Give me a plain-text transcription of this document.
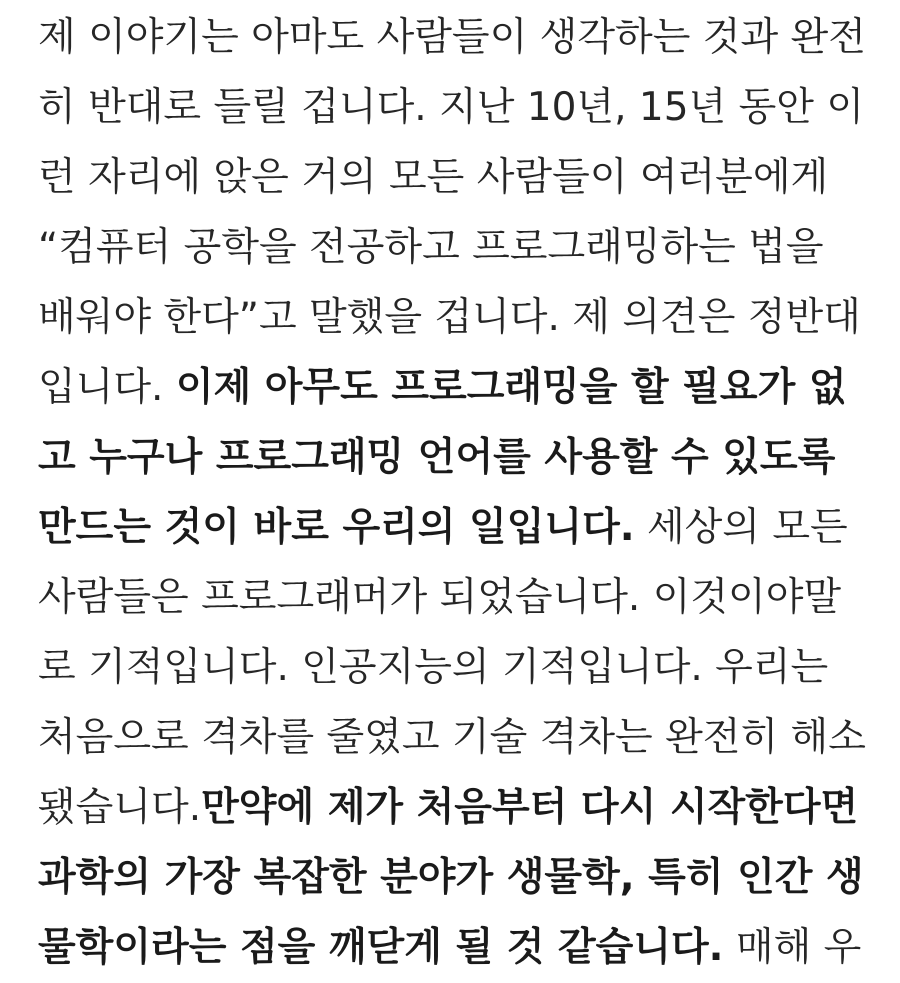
제 이야기는 아마도 사람들이 생각하는 것과 완전
히 반대로 들릴 겁니다. 지난 10년, 15년 동안 이
런 자리에 앉은 거의 모든 사람들이 여러분에게
“컴퓨터 공학을 전공하고 프로그래밍하는 법을
배워야 한다”고 말했을 겁니다. 제 의견은 정반대
입니다. 이제 아무도 프로그래밍을 할 필요가 없
고 누구나 프로그래밍 언어를 사용할 수 있도록
만드는 것이 바로 우리의 일입니다. 세상의 모든
사람들은 프로그래머가 되었습니다. 이것이야말
로 기적입니다. 인공지능의 기적입니다. 우리는
처음으로 격차를 줄였고 기술 격차는 완전히 해소
됐습니다.만약에 제가 처음부터 다시 시작한다면
과학의 가장 복잡한 분야가 생물학, 특히 인간 생
물학이라는 점을 깨닫게 될 것 같습니다. 매해 우
